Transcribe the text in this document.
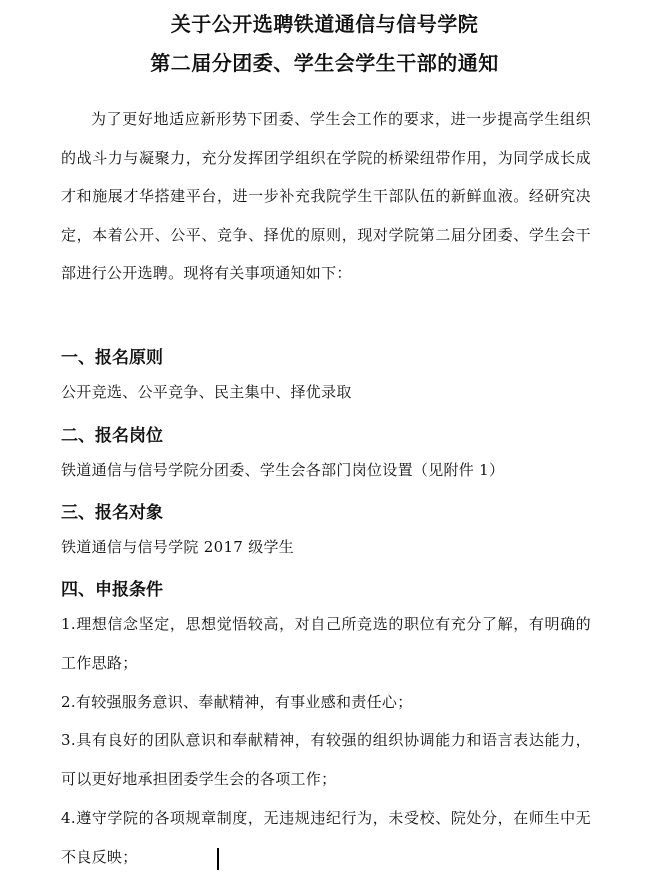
关于公开选聘铁道通信与信号学院
第二届分团委、学生会学生干部的通知

为了更好地适应新形势下团委、学生会工作的要求，进一步提高学生组织的战斗力与凝聚力，充分发挥团学组织在学院的桥梁纽带作用，为同学成长成才和施展才华搭建平台，进一步补充我院学生干部队伍的新鲜血液。经研究决定，本着公开、公平、竞争、择优的原则，现对学院第二届分团委、学生会干部进行公开选聘。现将有关事项通知如下：

一、报名原则
公开竞选、公平竞争、民主集中、择优录取
二、报名岗位
铁道通信与信号学院分团委、学生会各部门岗位设置（见附件 1）
三、报名对象
铁道通信与信号学院 2017 级学生
四、申报条件

1.理想信念坚定，思想觉悟较高，对自己所竞选的职位有充分了解，有明确的工作思路；

2.有较强服务意识、奉献精神，有事业感和责任心；

3.具有良好的团队意识和奉献精神，有较强的组织协调能力和语言表达能力，可以更好地承担团委学生会的各项工作；

4.遵守学院的各项规章制度，无违规违纪行为，未受校、院处分，在师生中无不良反映；
